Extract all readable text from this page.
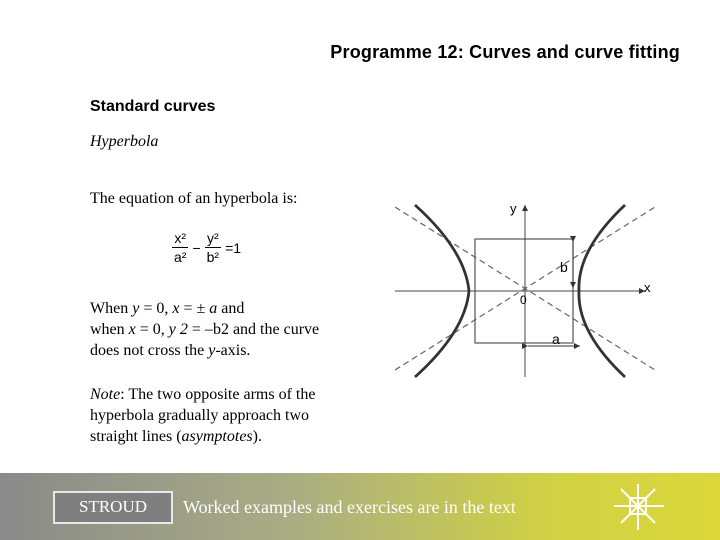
Programme 12: Curves and curve fitting
Standard curves
Hyperbola
The equation of an hyperbola is:
$\frac{\text{x²}}{\text{a²}} - \frac{\text{y²}}{\text{b²}} =1$
When y = 0, x = ± a and
when x = 0, y 2 = –b2 and the curve
does not cross the y-axis.
Note: The two opposite arms of the hyperbola gradually approach two straight lines (asymptotes).
y
x
0
b
a
STROUD	Worked examples and exercises are in the text
